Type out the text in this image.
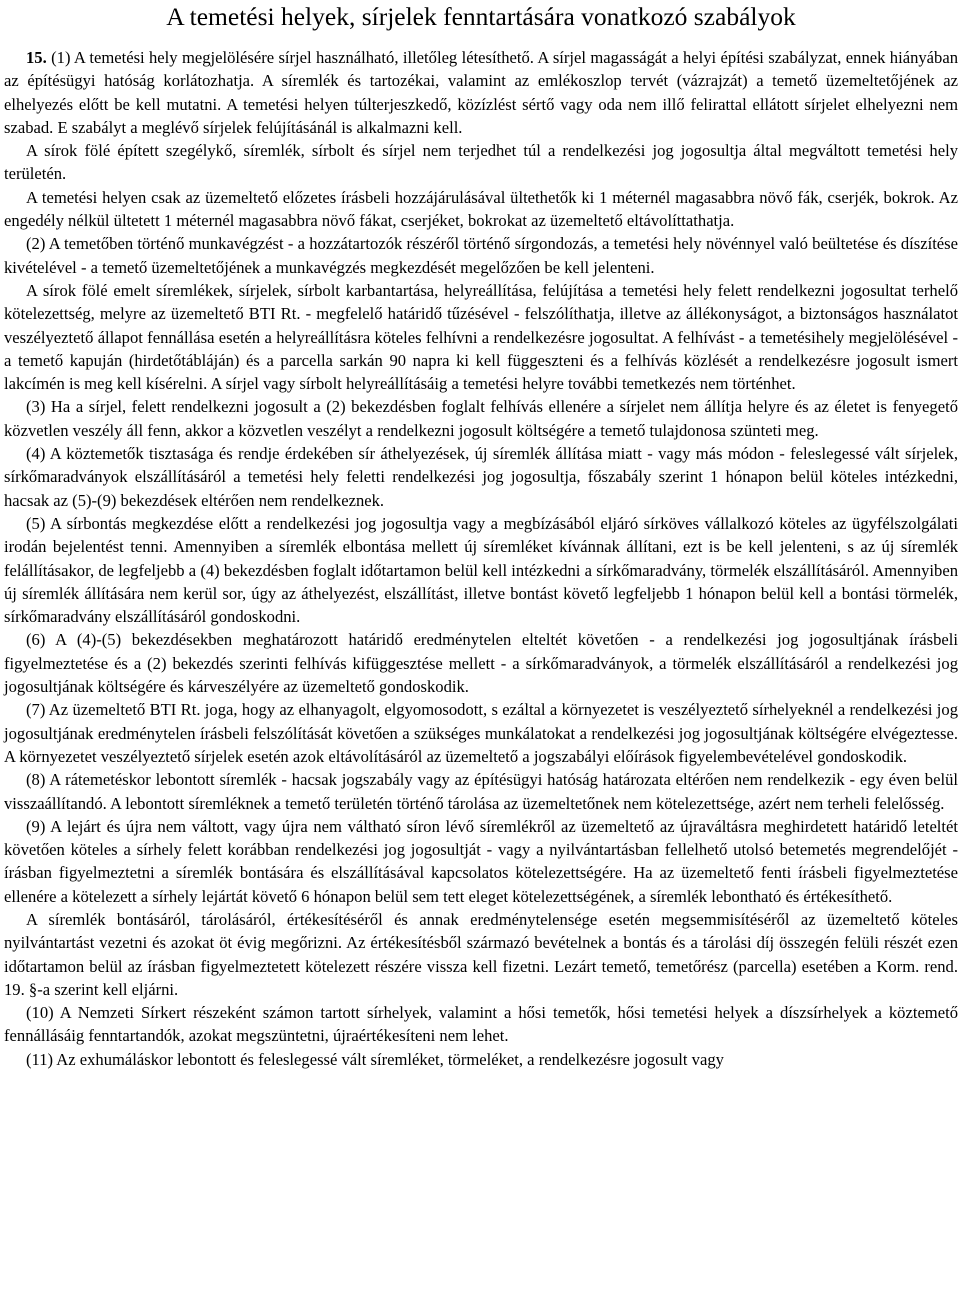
A temetési helyek, sírjelek fenntartására vonatkozó szabályok

15. (1) A temetési hely megjelölésére sírjel használható, illetőleg létesíthető. A sírjel magasságát a helyi építési szabályzat, ennek hiányában az építésügyi hatóság korlátozhatja. A síremlék és tartozékai, valamint az emlékoszlop tervét (vázrajzát) a temető üzemeltetőjének az elhelyezés előtt be kell mutatni. A temetési helyen túlterjeszkedő, közízlést sértő vagy oda nem illő felirattal ellátott sírjelet elhelyezni nem szabad. E szabályt a meglévő sírjelek felújításánál is alkalmazni kell.

A sírok fölé épített szegélykő, síremlék, sírbolt és sírjel nem terjedhet túl a rendelkezési jog jogosultja által megváltott temetési hely területén.

A temetési helyen csak az üzemeltető előzetes írásbeli hozzájárulásával ültethetők ki 1 méternél magasabbra növő fák, cserjék, bokrok. Az engedély nélkül ültetett 1 méternél magasabbra növő fákat, cserjéket, bokrokat az üzemeltető eltávolíttathatja.

(2) A temetőben történő munkavégzést - a hozzátartozók részéről történő sírgondozás, a temetési hely növénnyel való beültetése és díszítése kivételével - a temető üzemeltetőjének a munkavégzés megkezdését megelőzően be kell jelenteni.

A sírok fölé emelt síremlékek, sírjelek, sírbolt karbantartása, helyreállítása, felújítása a temetési hely felett rendelkezni jogosultat terhelő kötelezettség, melyre az üzemeltető BTI Rt. - megfelelő határidő tűzésével - felszólíthatja, illetve az állékonyságot, a biztonságos használatot veszélyeztető állapot fennállása esetén a helyreállításra köteles felhívni a rendelkezésre jogosultat. A felhívást - a temetésihely megjelölésével - a temető kapuján (hirdetőtábláján) és a parcella sarkán 90 napra ki kell függeszteni és a felhívás közlését a rendelkezésre jogosult ismert lakcímén is meg kell kísérelni. A sírjel vagy sírbolt helyreállításáig a temetési helyre további temetkezés nem történhet.

(3) Ha a sírjel, felett rendelkezni jogosult a (2) bekezdésben foglalt felhívás ellenére a sírjelet nem állítja helyre és az életet is fenyegető közvetlen veszély áll fenn, akkor a közvetlen veszélyt a rendelkezni jogosult költségére a temető tulajdonosa szünteti meg.

(4) A köztemetők tisztasága és rendje érdekében sír áthelyezések, új síremlék állítása miatt - vagy más módon - feleslegessé vált sírjelek, sírkőmaradványok elszállításáról a temetési hely feletti rendelkezési jog jogosultja, főszabály szerint 1 hónapon belül köteles intézkedni, hacsak az (5)-(9) bekezdések eltérően nem rendelkeznek.

(5) A sírbontás megkezdése előtt a rendelkezési jog jogosultja vagy a megbízásából eljáró sírköves vállalkozó köteles az ügyfélszolgálati irodán bejelentést tenni. Amennyiben a síremlék elbontása mellett új síremléket kívánnak állítani, ezt is be kell jelenteni, s az új síremlék felállításakor, de legfeljebb a (4) bekezdésben foglalt időtartamon belül kell intézkedni a sírkőmaradvány, törmelék elszállításáról. Amennyiben új síremlék állítására nem kerül sor, úgy az áthelyezést, elszállítást, illetve bontást követő legfeljebb 1 hónapon belül kell a bontási törmelék, sírkőmaradvány elszállításáról gondoskodni.

(6) A (4)-(5) bekezdésekben meghatározott határidő eredménytelen elteltét követően - a rendelkezési jog jogosultjának írásbeli figyelmeztetése és a (2) bekezdés szerinti felhívás kifüggesztése mellett - a sírkőmaradványok, a törmelék elszállításáról a rendelkezési jog jogosultjának költségére és kárveszélyére az üzemeltető gondoskodik.

(7) Az üzemeltető BTI Rt. joga, hogy az elhanyagolt, elgyomosodott, s ezáltal a környezetet is veszélyeztető sírhelyeknél a rendelkezési jog jogosultjának eredménytelen írásbeli felszólítását követően a szükséges munkálatokat a rendelkezési jog jogosultjának költségére elvégeztesse. A környezetet veszélyeztető sírjelek esetén azok eltávolításáról az üzemeltető a jogszabályi előírások figyelembevételével gondoskodik.

(8) A rátemetéskor lebontott síremlék - hacsak jogszabály vagy az építésügyi hatóság határozata eltérően nem rendelkezik - egy éven belül visszaállítandó. A lebontott síremléknek a temető területén történő tárolása az üzemeltetőnek nem kötelezettsége, azért nem terheli felelősség.

(9) A lejárt és újra nem váltott, vagy újra nem váltható síron lévő síremlékről az üzemeltető az újraváltásra meghirdetett határidő leteltét követően köteles a sírhely felett korábban rendelkezési jog jogosultját - vagy a nyilvántartásban fellelhető utolsó betemetés megrendelőjét - írásban figyelmeztetni a síremlék bontására és elszállításával kapcsolatos kötelezettségére. Ha az üzemeltető fenti írásbeli figyelmeztetése ellenére a kötelezett a sírhely lejártát követő 6 hónapon belül sem tett eleget kötelezettségének, a síremlék lebontható és értékesíthető.

A síremlék bontásáról, tárolásáról, értékesítéséről és annak eredménytelensége esetén megsemmisítéséről az üzemeltető köteles nyilvántartást vezetni és azokat öt évig megőrizni. Az értékesítésből származó bevételnek a bontás és a tárolási díj összegén felüli részét ezen időtartamon belül az írásban figyelmeztetett kötelezett részére vissza kell fizetni. Lezárt temető, temetőrész (parcella) esetében a Korm. rend. 19. §-a szerint kell eljárni.

(10) A Nemzeti Sírkert részeként számon tartott sírhelyek, valamint a hősi temetők, hősi temetési helyek a díszsírhelyek a köztemető fennállásáig fenntartandók, azokat megszüntetni, újraértékesíteni nem lehet.

(11) Az exhumáláskor lebontott és feleslegessé vált síremléket, törmeléket, a rendelkezésre jogosult vagy
